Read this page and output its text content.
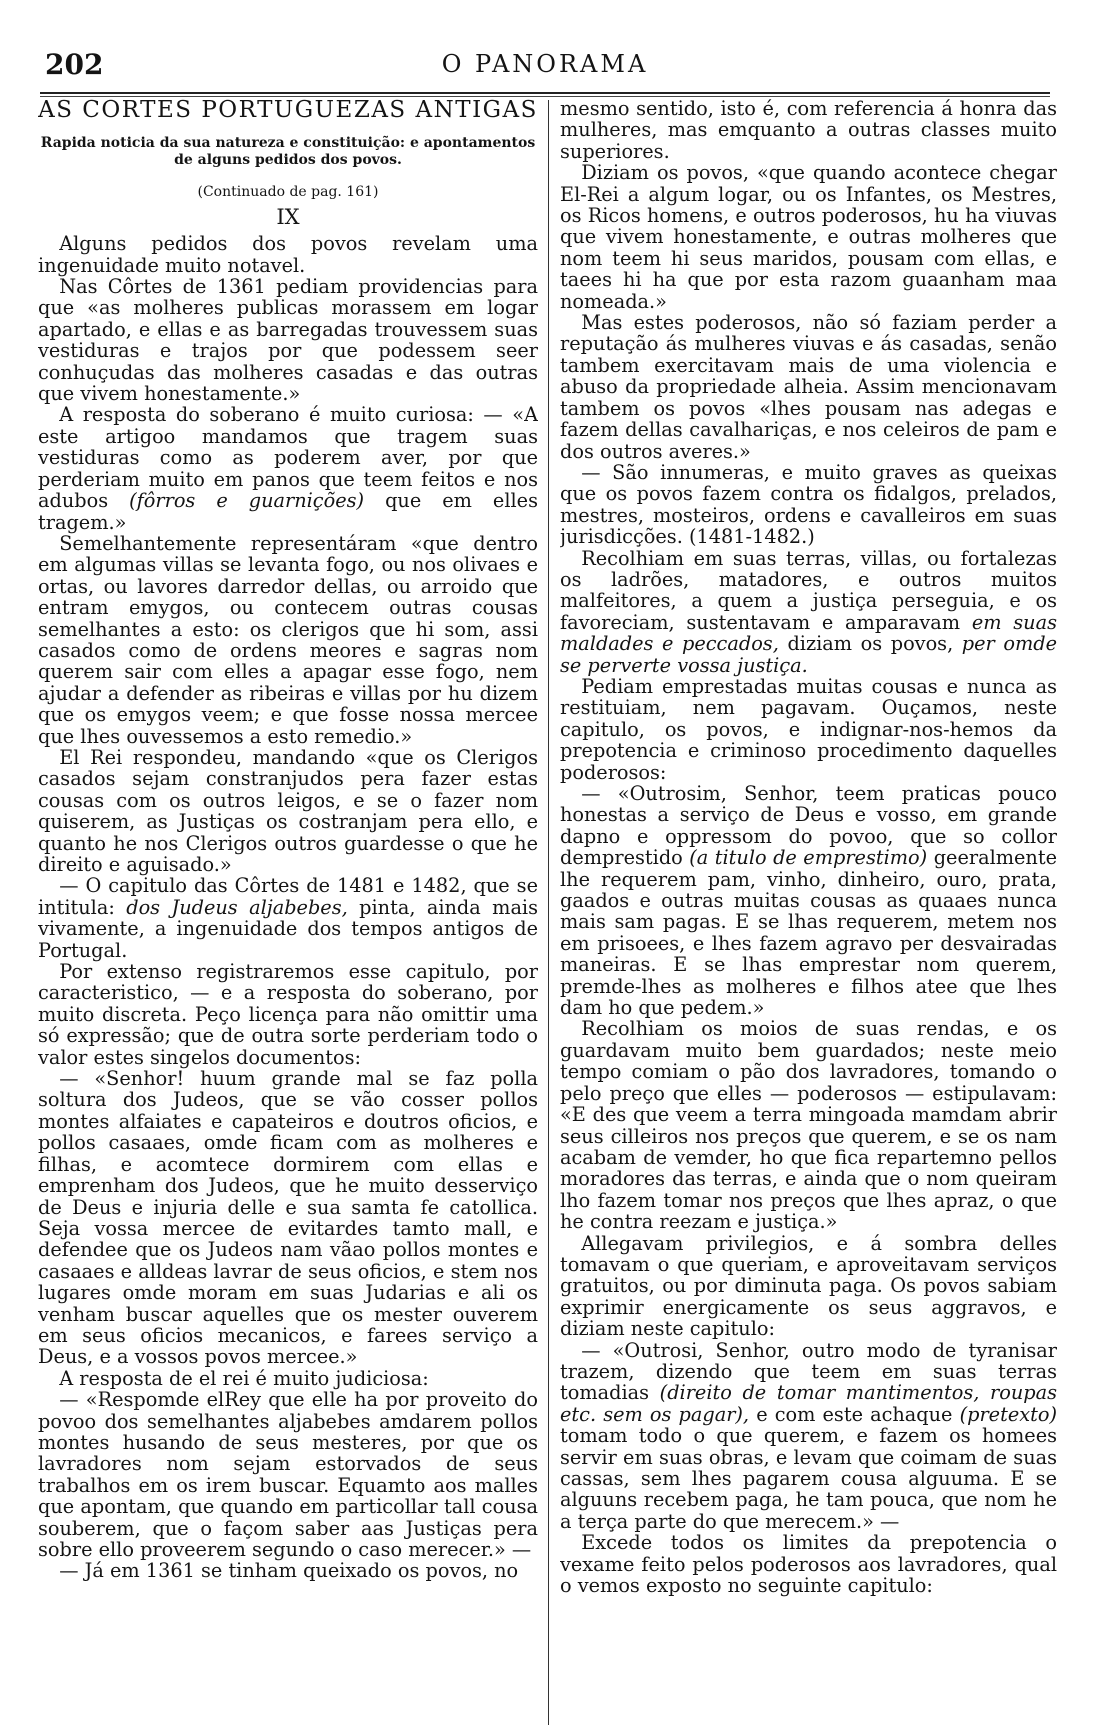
202	O PANORAMA
AS CORTES PORTUGUEZAS ANTIGAS
Rapida noticia da sua natureza e constituição: e apontamentos de alguns pedidos dos povos.
(Continuado de pag. 161)
IX

Alguns pedidos dos povos revelam uma ingenuidade muito notavel.

Nas Côrtes de 1361 pediam providencias para que «as molheres publicas morassem em logar apartado, e ellas e as barregadas trouvessem suas vestiduras e trajos por que podessem seer conhuçudas das molheres casadas e das outras que vivem honestamente.»

A resposta do soberano é muito curiosa: — «A este artigoo mandamos que tragem suas vestiduras como as poderem aver, por que perderiam muito em panos que teem feitos e nos adubos (fôrros e guarnições) que em elles tragem.»

Semelhantemente representáram «que dentro em algumas villas se levanta fogo, ou nos olivaes e ortas, ou lavores darredor dellas, ou arroido que entram emygos, ou contecem outras cousas semelhantes a esto: os clerigos que hi som, assi casados como de ordens meores e sagras nom querem sair com elles a apagar esse fogo, nem ajudar a defender as ribeiras e villas por hu dizem que os emygos veem; e que fosse nossa mercee que lhes ouvessemos a esto remedio.»

El Rei respondeu, mandando «que os Clerigos casados sejam constranjudos pera fazer estas cousas com os outros leigos, e se o fazer nom quiserem, as Justiças os costranjam pera ello, e quanto he nos Clerigos outros guardesse o que he direito e aguisado.»

— O capitulo das Côrtes de 1481 e 1482, que se intitula: dos Judeus aljabebes, pinta, ainda mais vivamente, a ingenuidade dos tempos antigos de Portugal.

Por extenso registraremos esse capitulo, por caracteristico, — e a resposta do soberano, por muito discreta. Peço licença para não omittir uma só expressão; que de outra sorte perderiam todo o valor estes singelos documentos:

— «Senhor! huum grande mal se faz polla soltura dos Judeos, que se vão cosser pollos montes alfaiates e capateiros e doutros oficios, e pollos casaaes, omde ficam com as molheres e filhas, e acomtece dormirem com ellas e emprenham dos Judeos, que he muito desserviço de Deus e injuria delle e sua samta fe catollica. Seja vossa mercee de evitardes tamto mall, e defendee que os Judeos nam vãao pollos montes e casaaes e alldeas lavrar de seus oficios, e stem nos lugares omde moram em suas Judarias e ali os venham buscar aquelles que os mester ouverem em seus oficios mecanicos, e farees serviço a Deus, e a vossos povos mercee.»

A resposta de el rei é muito judiciosa:

— «Respomde elRey que elle ha por proveito do povoo dos semelhantes aljabebes amdarem pollos montes husando de seus mesteres, por que os lavradores nom sejam estorvados de seus trabalhos em os irem buscar. Equamto aos malles que apontam, que quando em particollar tall cousa souberem, que o façom saber aas Justiças pera sobre ello proveerem segundo o caso merecer.» —

— Já em 1361 se tinham queixado os povos, no

mesmo sentido, isto é, com referencia á honra das mulheres, mas emquanto a outras classes muito superiores.

Diziam os povos, «que quando acontece chegar El-Rei a algum logar, ou os Infantes, os Mestres, os Ricos homens, e outros poderosos, hu ha viuvas que vivem honestamente, e outras molheres que nom teem hi seus maridos, pousam com ellas, e taees hi ha que por esta razom guaanham maa nomeada.»

Mas estes poderosos, não só faziam perder a reputação ás mulheres viuvas e ás casadas, senão tambem exercitavam mais de uma violencia e abuso da propriedade alheia. Assim mencionavam tambem os povos «lhes pousam nas adegas e fazem dellas cavalhariças, e nos celeiros de pam e dos outros averes.»

— São innumeras, e muito graves as queixas que os povos fazem contra os fidalgos, prelados, mestres, mosteiros, ordens e cavalleiros em suas jurisdicções. (1481-1482.)

Recolhiam em suas terras, villas, ou fortalezas os ladrões, matadores, e outros muitos malfeitores, a quem a justiça perseguia, e os favoreciam, sustentavam e amparavam em suas maldades e peccados, diziam os povos, per omde se perverte vossa justiça.

Pediam emprestadas muitas cousas e nunca as restituiam, nem pagavam. Ouçamos, neste capitulo, os povos, e indignar-nos-hemos da prepotencia e criminoso procedimento daquelles poderosos:

— «Outrosim, Senhor, teem praticas pouco honestas a serviço de Deus e vosso, em grande dapno e oppressom do povoo, que so collor demprestido (a titulo de emprestimo) geeralmente lhe requerem pam, vinho, dinheiro, ouro, prata, gaados e outras muitas cousas as quaaes nunca mais sam pagas. E se lhas requerem, metem nos em prisoees, e lhes fazem agravo per desvairadas maneiras. E se lhas emprestar nom querem, premde-lhes as molheres e filhos atee que lhes dam ho que pedem.»

Recolhiam os moios de suas rendas, e os guardavam muito bem guardados; neste meio tempo comiam o pão dos lavradores, tomando o pelo preço que elles — poderosos — estipulavam: «E des que veem a terra mingoada mamdam abrir seus cilleiros nos preços que querem, e se os nam acabam de vemder, ho que fica repartemno pellos moradores das terras, e ainda que o nom queiram lho fazem tomar nos preços que lhes apraz, o que he contra reezam e justiça.»

Allegavam privilegios, e á sombra delles tomavam o que queriam, e aproveitavam serviços gratuitos, ou por diminuta paga. Os povos sabiam exprimir energicamente os seus aggravos, e diziam neste capitulo:

— «Outrosi, Senhor, outro modo de tyranisar trazem, dizendo que teem em suas terras tomadias (direito de tomar mantimentos, roupas etc. sem os pagar), e com este achaque (pretexto) tomam todo o que querem, e fazem os homees servir em suas obras, e levam que coimam de suas cassas, sem lhes pagarem cousa alguuma. E se alguuns recebem paga, he tam pouca, que nom he a terça parte do que merecem.» —

Excede todos os limites da prepotencia o vexame feito pelos poderosos aos lavradores, qual o vemos exposto no seguinte capitulo:
